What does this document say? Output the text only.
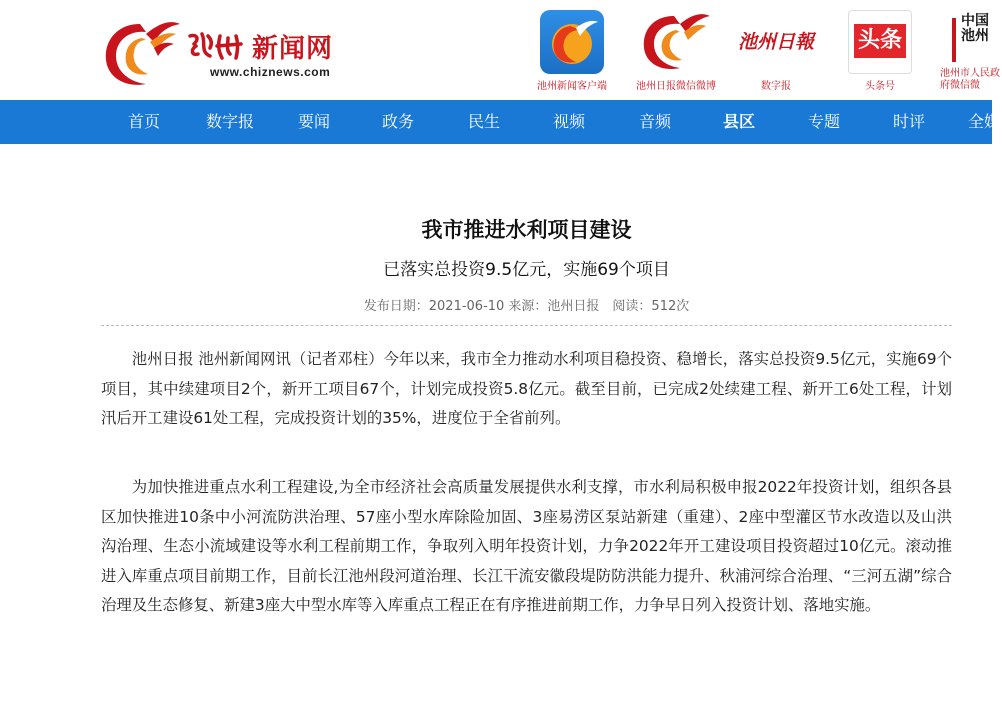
新闻网
www.chiznews.com
池州新闻客户端	池州日报微信微博
池州日報
数字报
头条
头条号
中国池州
池州市人民政府微信微
首页	数字报	要闻	政务	民生	视频	音频	县区	专题	时评	全媒
我市推进水利项目建设
已落实总投资9.5亿元，实施69个项目
发布日期：2021-06-10 来源：池州日报　阅读：512次

池州日报 池州新闻网讯（记者邓柱）今年以来，我市全力推动水利项目稳投资、稳增长，落实总投资9.5亿元，实施69个项目，其中续建项目2个，新开工项目67个，计划完成投资5.8亿元。截至目前，已完成2处续建工程、新开工6处工程，计划汛后开工建设61处工程，完成投资计划的35%，进度位于全省前列。

为加快推进重点水利工程建设,为全市经济社会高质量发展提供水利支撑，市水利局积极申报2022年投资计划，组织各县区加快推进10条中小河流防洪治理、57座小型水库除险加固、3座易涝区泵站新建（重建）、2座中型灌区节水改造以及山洪沟治理、生态小流域建设等水利工程前期工作，争取列入明年投资计划，力争2022年开工建设项目投资超过10亿元。滚动推进入库重点项目前期工作，目前长江池州段河道治理、长江干流安徽段堤防防洪能力提升、秋浦河综合治理、“三河五湖”综合治理及生态修复、新建3座大中型水库等入库重点工程正在有序推进前期工作，力争早日列入投资计划、落地实施。
